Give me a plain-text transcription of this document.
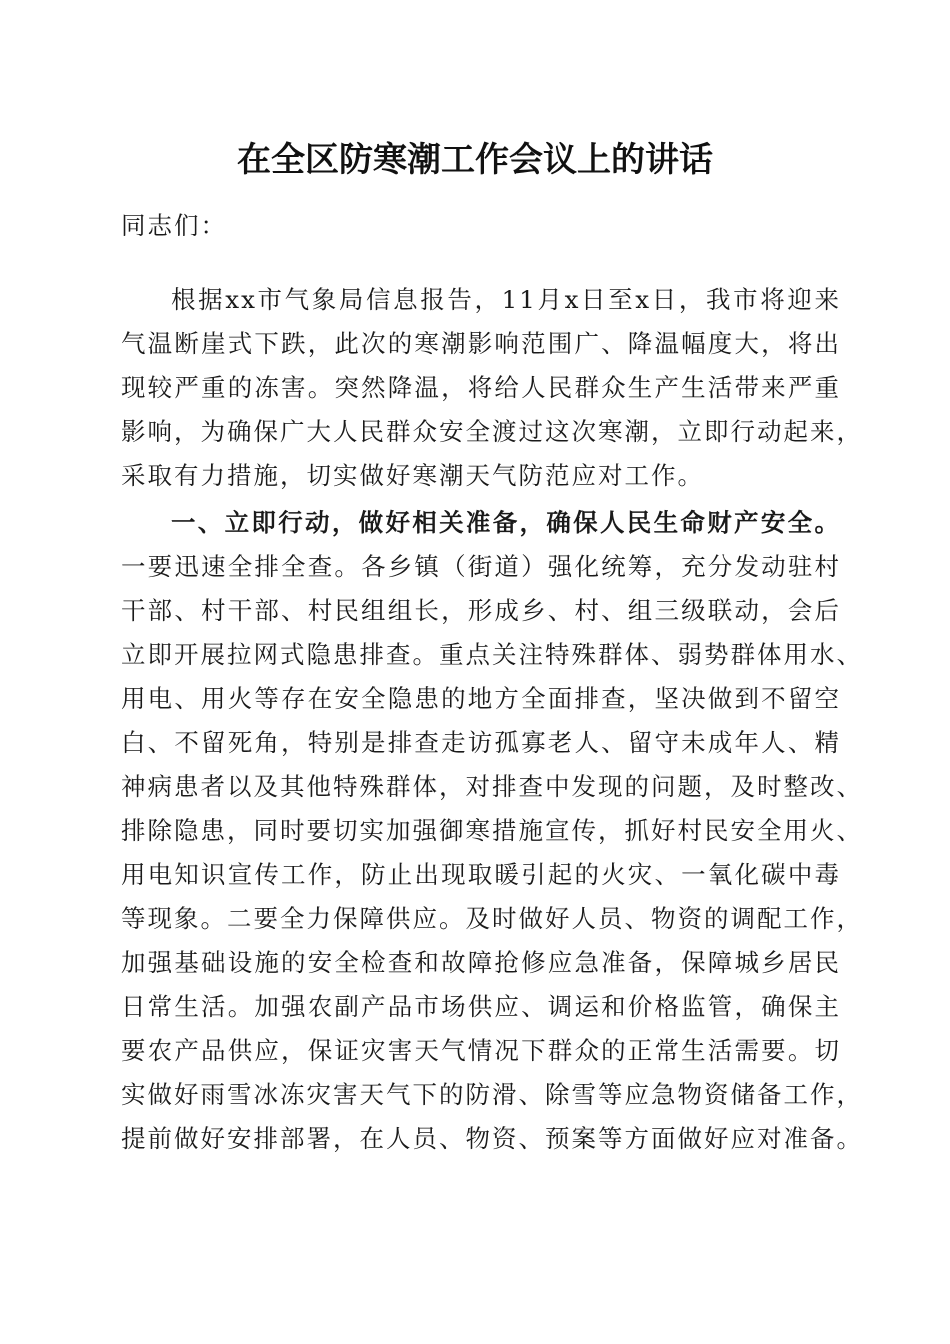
在全区防寒潮工作会议上的讲话
同志们：
根据xx市气象局信息报告，11月x日至x日，我市将迎来
气温断崖式下跌，此次的寒潮影响范围广、降温幅度大，将出
现较严重的冻害。突然降温，将给人民群众生产生活带来严重
影响，为确保广大人民群众安全渡过这次寒潮，立即行动起来，
采取有力措施，切实做好寒潮天气防范应对工作。
一、立即行动，做好相关准备，确保人民生命财产安全。
一要迅速全排全查。各乡镇（街道）强化统筹，充分发动驻村
干部、村干部、村民组组长，形成乡、村、组三级联动，会后
立即开展拉网式隐患排查。重点关注特殊群体、弱势群体用水、
用电、用火等存在安全隐患的地方全面排查，坚决做到不留空
白、不留死角，特别是排查走访孤寡老人、留守未成年人、精
神病患者以及其他特殊群体，对排查中发现的问题，及时整改、
排除隐患，同时要切实加强御寒措施宣传，抓好村民安全用火、
用电知识宣传工作，防止出现取暖引起的火灾、一氧化碳中毒
等现象。二要全力保障供应。及时做好人员、物资的调配工作，
加强基础设施的安全检查和故障抢修应急准备，保障城乡居民
日常生活。加强农副产品市场供应、调运和价格监管，确保主
要农产品供应，保证灾害天气情况下群众的正常生活需要。切
实做好雨雪冰冻灾害天气下的防滑、除雪等应急物资储备工作，
提前做好安排部署，在人员、物资、预案等方面做好应对准备。
